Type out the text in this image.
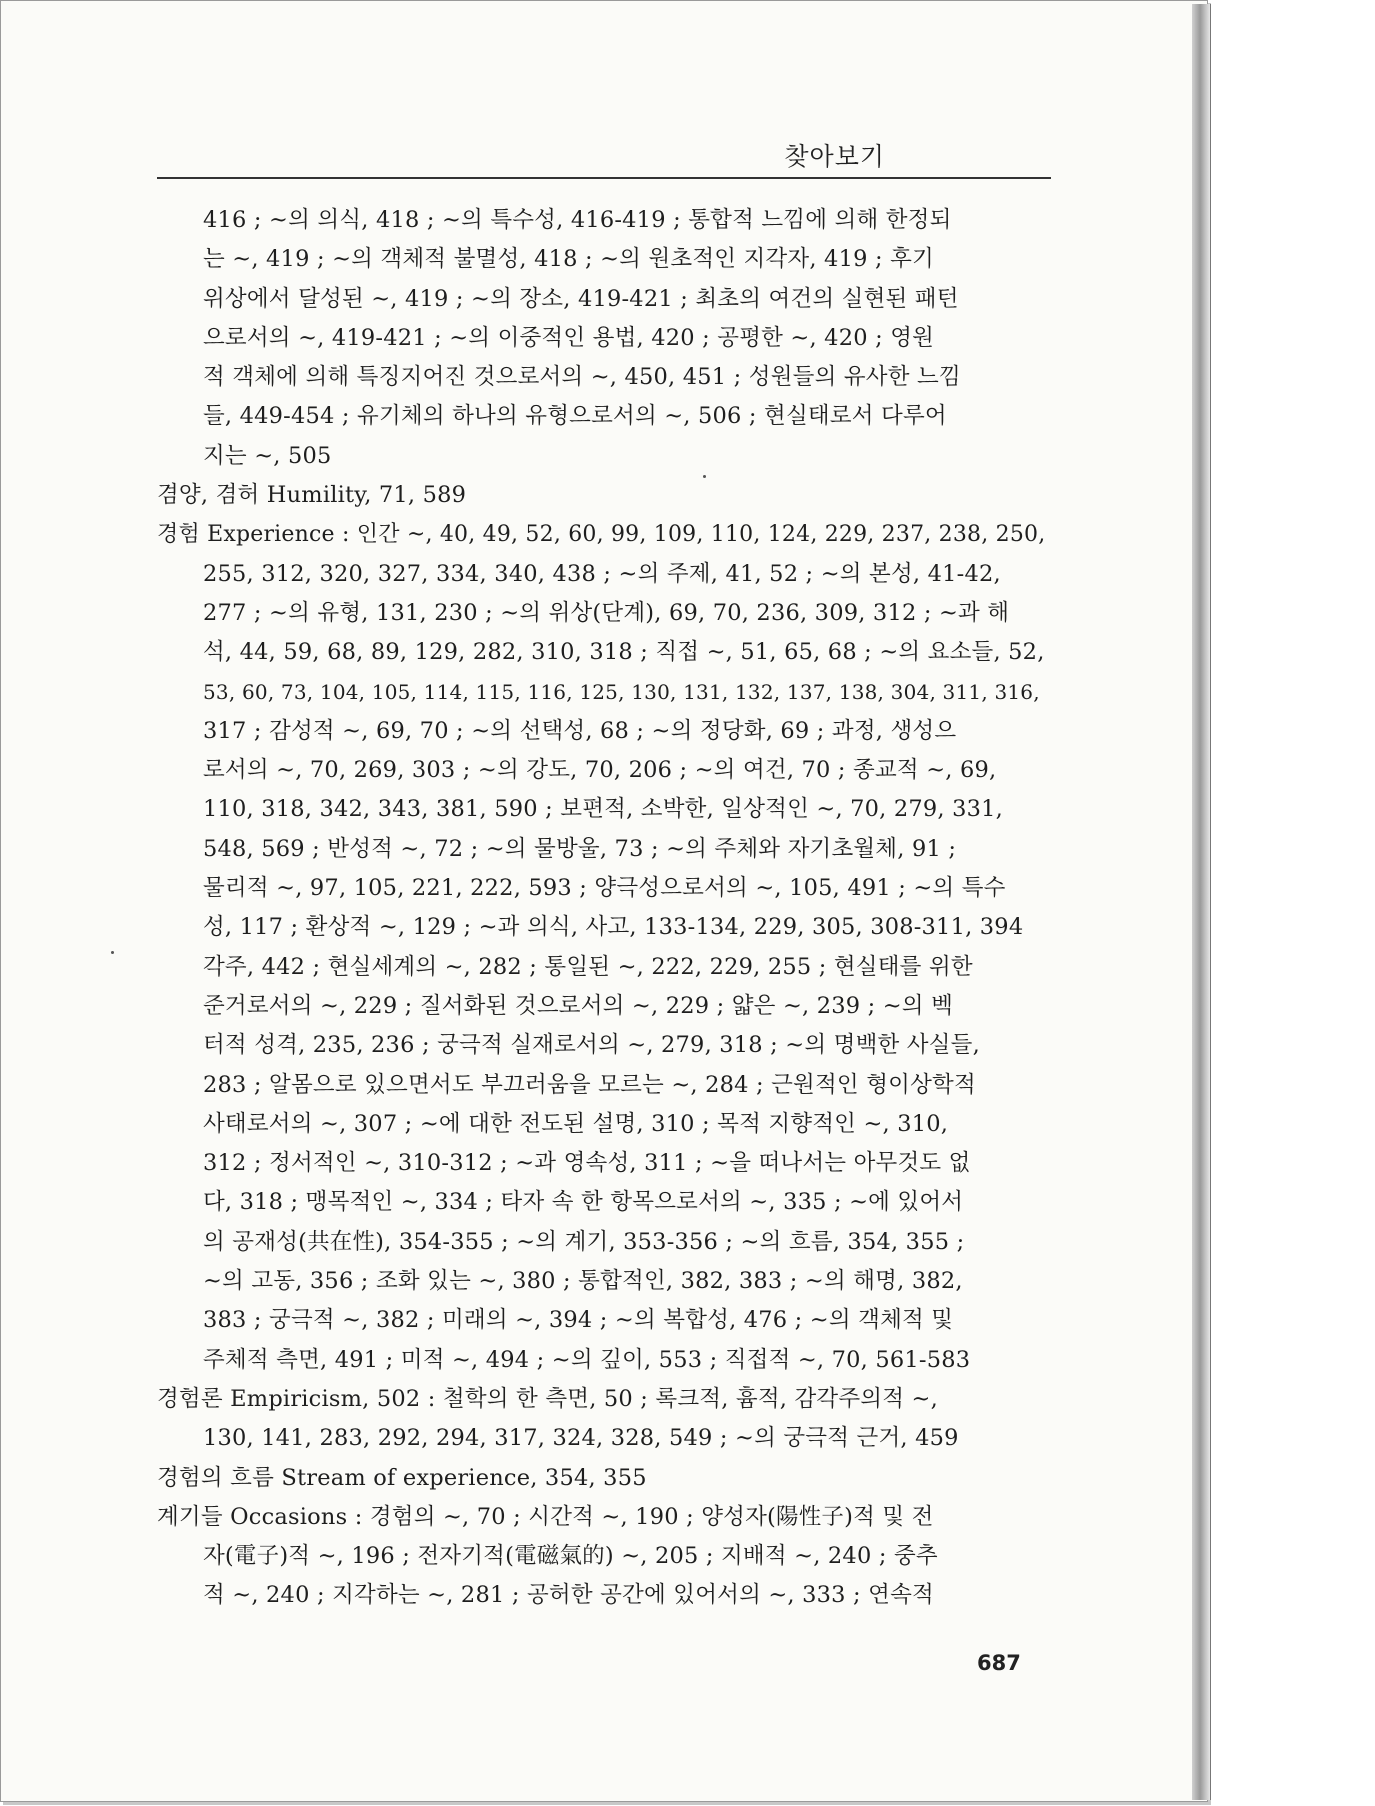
찾아보기
416 ; ~의 의식, 418 ; ~의 특수성, 416-419 ; 통합적 느낌에 의해 한정되
는 ~, 419 ; ~의 객체적 불멸성, 418 ; ~의 원초적인 지각자, 419 ; 후기
위상에서 달성된 ~, 419 ; ~의 장소, 419-421 ; 최초의 여건의 실현된 패턴
으로서의 ~, 419-421 ; ~의 이중적인 용법, 420 ; 공평한 ~, 420 ; 영원
적 객체에 의해 특징지어진 것으로서의 ~, 450, 451 ; 성원들의 유사한 느낌
들, 449-454 ; 유기체의 하나의 유형으로서의 ~, 506 ; 현실태로서 다루어
지는 ~, 505
겸양, 겸허 Humility, 71, 589
경험 Experience : 인간 ~, 40, 49, 52, 60, 99, 109, 110, 124, 229, 237, 238, 250,
255, 312, 320, 327, 334, 340, 438 ; ~의 주제, 41, 52 ; ~의 본성, 41-42,
277 ; ~의 유형, 131, 230 ; ~의 위상(단계), 69, 70, 236, 309, 312 ; ~과 해
석, 44, 59, 68, 89, 129, 282, 310, 318 ; 직접 ~, 51, 65, 68 ; ~의 요소들, 52,
53, 60, 73, 104, 105, 114, 115, 116, 125, 130, 131, 132, 137, 138, 304, 311, 316,
317 ; 감성적 ~, 69, 70 ; ~의 선택성, 68 ; ~의 정당화, 69 ; 과정, 생성으
로서의 ~, 70, 269, 303 ; ~의 강도, 70, 206 ; ~의 여건, 70 ; 종교적 ~, 69,
110, 318, 342, 343, 381, 590 ; 보편적, 소박한, 일상적인 ~, 70, 279, 331,
548, 569 ; 반성적 ~, 72 ; ~의 물방울, 73 ; ~의 주체와 자기초월체, 91 ;
물리적 ~, 97, 105, 221, 222, 593 ; 양극성으로서의 ~, 105, 491 ; ~의 특수
성, 117 ; 환상적 ~, 129 ; ~과 의식, 사고, 133-134, 229, 305, 308-311, 394
각주, 442 ; 현실세계의 ~, 282 ; 통일된 ~, 222, 229, 255 ; 현실태를 위한
준거로서의 ~, 229 ; 질서화된 것으로서의 ~, 229 ; 얇은 ~, 239 ; ~의 벡
터적 성격, 235, 236 ; 궁극적 실재로서의 ~, 279, 318 ; ~의 명백한 사실들,
283 ; 알몸으로 있으면서도 부끄러움을 모르는 ~, 284 ; 근원적인 형이상학적
사태로서의 ~, 307 ; ~에 대한 전도된 설명, 310 ; 목적 지향적인 ~, 310,
312 ; 정서적인 ~, 310-312 ; ~과 영속성, 311 ; ~을 떠나서는 아무것도 없
다, 318 ; 맹목적인 ~, 334 ; 타자 속 한 항목으로서의 ~, 335 ; ~에 있어서
의 공재성(共在性), 354-355 ; ~의 계기, 353-356 ; ~의 흐름, 354, 355 ;
~의 고동, 356 ; 조화 있는 ~, 380 ; 통합적인, 382, 383 ; ~의 해명, 382,
383 ; 궁극적 ~, 382 ; 미래의 ~, 394 ; ~의 복합성, 476 ; ~의 객체적 및
주체적 측면, 491 ; 미적 ~, 494 ; ~의 깊이, 553 ; 직접적 ~, 70, 561-583
경험론 Empiricism, 502 : 철학의 한 측면, 50 ; 록크적, 흄적, 감각주의적 ~,
130, 141, 283, 292, 294, 317, 324, 328, 549 ; ~의 궁극적 근거, 459
경험의 흐름 Stream of experience, 354, 355
계기들 Occasions : 경험의 ~, 70 ; 시간적 ~, 190 ; 양성자(陽性子)적 및 전
자(電子)적 ~, 196 ; 전자기적(電磁氣的) ~, 205 ; 지배적 ~, 240 ; 중추
적 ~, 240 ; 지각하는 ~, 281 ; 공허한 공간에 있어서의 ~, 333 ; 연속적
687
